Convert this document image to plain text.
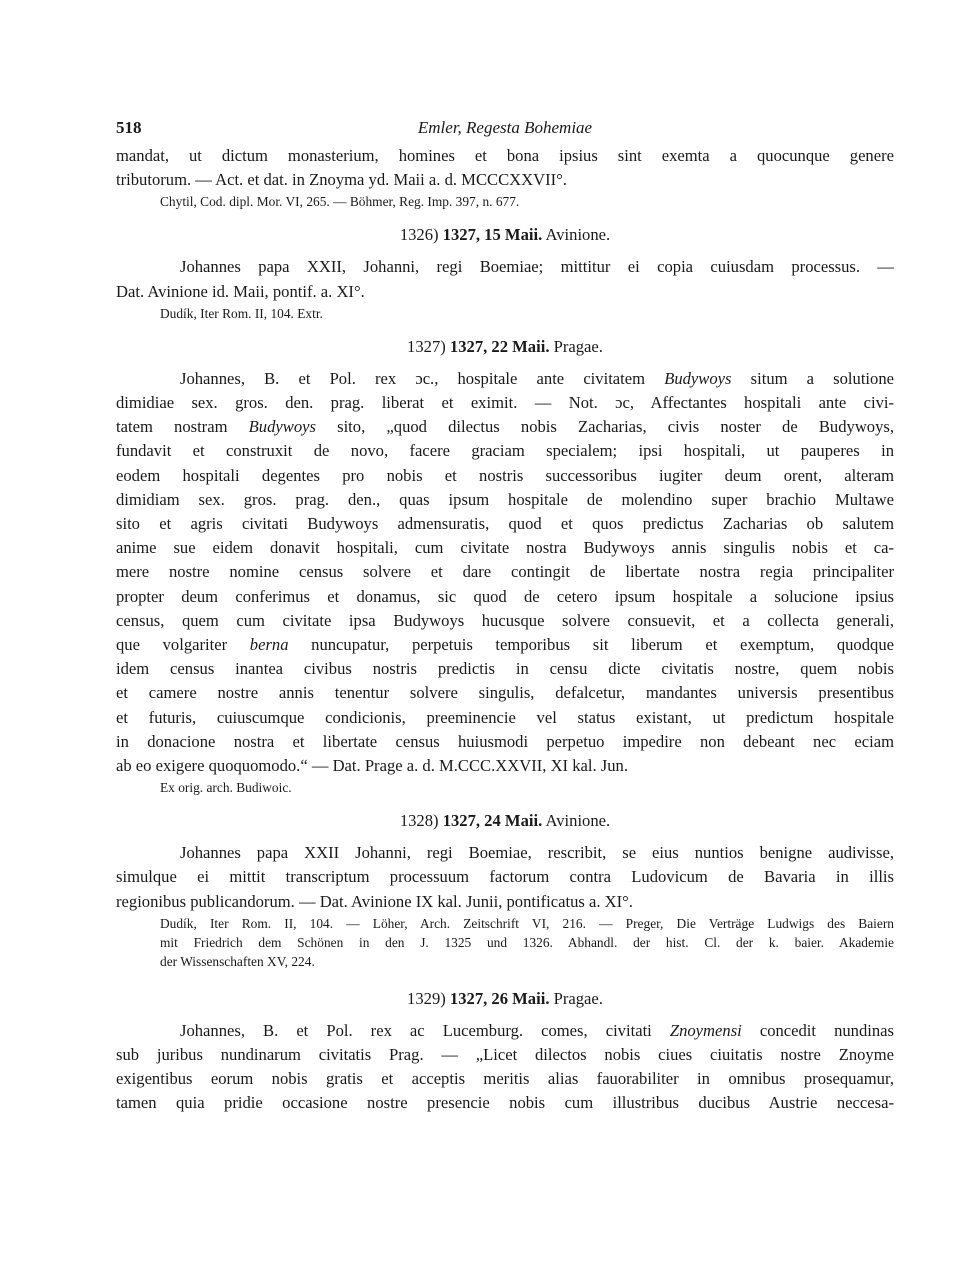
518	Emler, Regesta Bohemiae

mandat, ut dictum monasterium, homines et bona ipsius sint exemta a quocunque genere
tributorum. — Act. et dat. in Znoyma yd. Maii a. d. MCCCXXVII°.

Chytil, Cod. dipl. Mor. VI, 265. — Böhmer, Reg. Imp. 397, n. 677.

1326) 1327, 15 Maii. Avinione.

Johannes papa XXII, Johanni, regi Boemiae; mittitur ei copia cuiusdam processus. —
Dat. Avinione id. Maii, pontif. a. XI°.

Dudík, Iter Rom. II, 104. Extr.

1327) 1327, 22 Maii. Pragae.

Johannes, B. et Pol. rex ɔc., hospitale ante civitatem Budywoys situm a solutione
dimidiae sex. gros. den. prag. liberat et eximit. — Not. ɔc, Affectantes hospitali ante civi-
tatem nostram Budywoys sito, „quod dilectus nobis Zacharias, civis noster de Budywoys,
fundavit et construxit de novo, facere graciam specialem; ipsi hospitali, ut pauperes in
eodem hospitali degentes pro nobis et nostris successoribus iugiter deum orent, alteram
dimidiam sex. gros. prag. den., quas ipsum hospitale de molendino super brachio Multawe
sito et agris civitati Budywoys admensuratis, quod et quos predictus Zacharias ob salutem
anime sue eidem donavit hospitali, cum civitate nostra Budywoys annis singulis nobis et ca-
mere nostre nomine census solvere et dare contingit de libertate nostra regia principaliter
propter deum conferimus et donamus, sic quod de cetero ipsum hospitale a solucione ipsius
census, quem cum civitate ipsa Budywoys hucusque solvere consuevit, et a collecta generali,
que volgariter berna nuncupatur, perpetuis temporibus sit liberum et exemptum, quodque
idem census inantea civibus nostris predictis in censu dicte civitatis nostre, quem nobis
et camere nostre annis tenentur solvere singulis, defalcetur, mandantes universis presentibus
et futuris, cuiuscumque condicionis, preeminencie vel status existant, ut predictum hospitale
in donacione nostra et libertate census huiusmodi perpetuo impedire non debeant nec eciam
ab eo exigere quoquomodo.“ — Dat. Prage a. d. M.CCC.XXVII, XI kal. Jun.

Ex orig. arch. Budiwoic.

1328) 1327, 24 Maii. Avinione.

Johannes papa XXII Johanni, regi Boemiae, rescribit, se eius nuntios benigne audivisse,
simulque ei mittit transcriptum processuum factorum contra Ludovicum de Bavaria in illis
regionibus publicandorum. — Dat. Avinione IX kal. Junii, pontificatus a. XI°.

Dudík, Iter Rom. II, 104. — Löher, Arch. Zeitschrift VI, 216. — Preger, Die Verträge Ludwigs des Baiern
mit Friedrich dem Schönen in den J. 1325 und 1326. Abhandl. der hist. Cl. der k. baier. Akademie
der Wissenschaften XV, 224.

1329) 1327, 26 Maii. Pragae.

Johannes, B. et Pol. rex ac Lucemburg. comes, civitati Znoymensi concedit nundinas
sub juribus nundinarum civitatis Prag. — „Licet dilectos nobis ciues ciuitatis nostre Znoyme
exigentibus eorum nobis gratis et acceptis meritis alias fauorabiliter in omnibus prosequamur,
tamen quia pridie occasione nostre presencie nobis cum illustribus ducibus Austrie neccesa-
